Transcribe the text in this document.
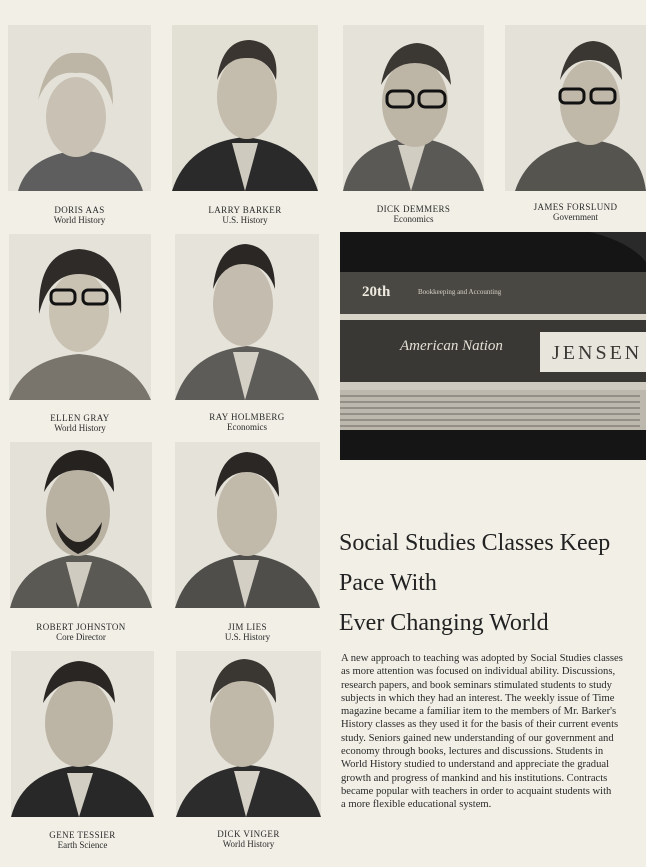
DORIS AAS
World History
LARRY BARKER
U.S. History
DICK DEMMERS
Economics
JAMES FORSLUND
Government
ELLEN GRAY
World History
RAY HOLMBERG
Economics
20th	Bookkeeping and Accounting
American Nation JENSEN
ROBERT JOHNSTON
Core Director
JIM LIES
U.S. History
GENE TESSIER
Earth Science
DICK VINGER
World History
Social Studies Classes Keep
Pace With
Ever Changing World
A new approach to teaching was adopted by Social Studies classes
as more attention was focused on individual ability. Discussions,
research papers, and book seminars stimulated students to study
subjects in which they had an interest. The weekly issue of Time
magazine became a familiar item to the members of Mr. Barker's
History classes as they used it for the basis of their current events
study. Seniors gained new understanding of our government and
economy through books, lectures and discussions. Students in
World History studied to understand and appreciate the gradual
growth and progress of mankind and his institutions. Contracts
became popular with teachers in order to acquaint students with
a more flexible educational system.
